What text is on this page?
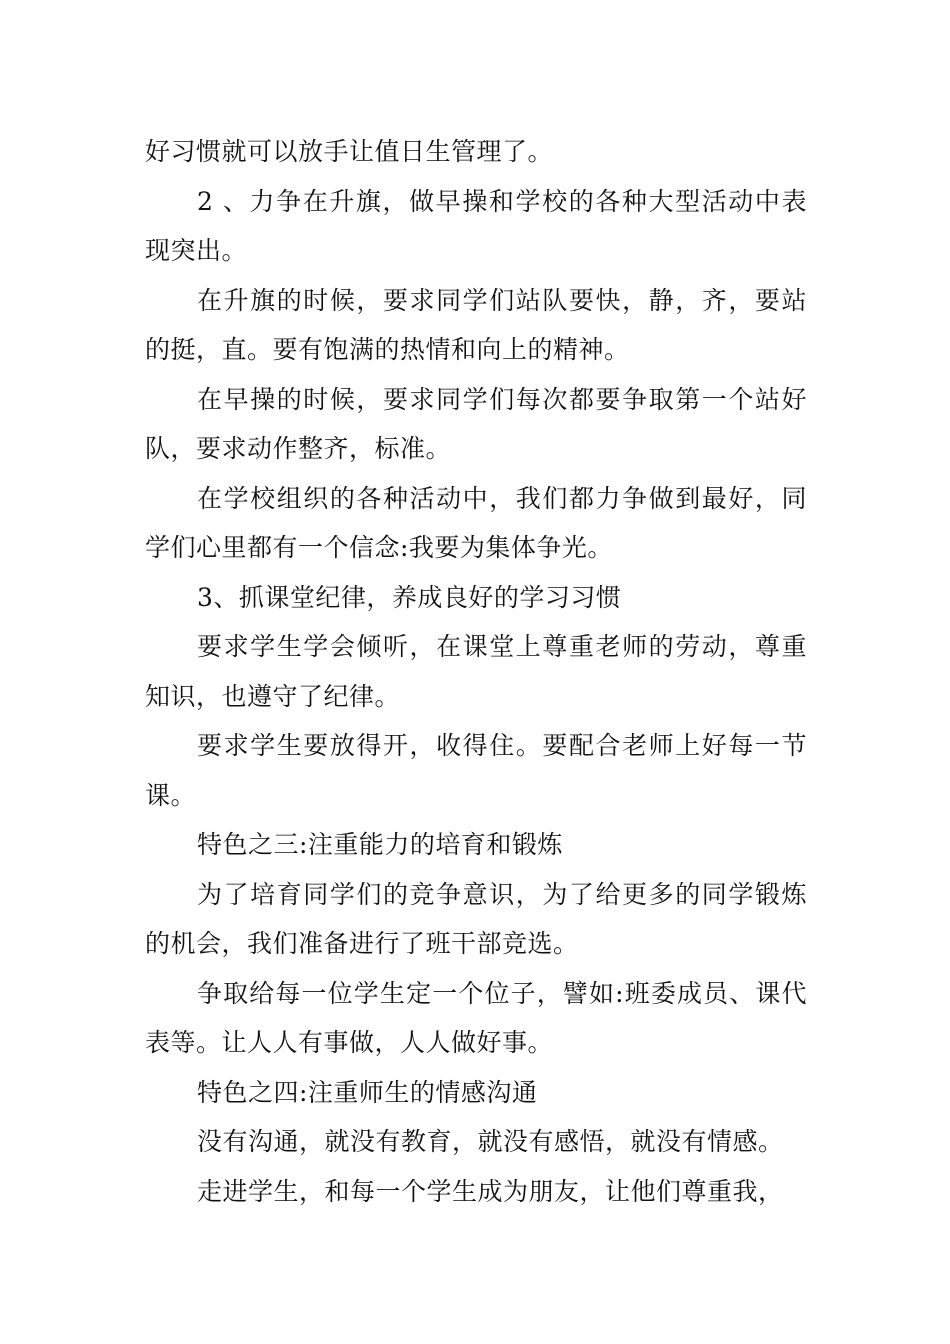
好习惯就可以放手让值日生管理了。

2 、力争在升旗，做早操和学校的各种大型活动中表现突出。

在升旗的时候，要求同学们站队要快，静，齐，要站的挺，直。要有饱满的热情和向上的精神。

在早操的时候，要求同学们每次都要争取第一个站好队，要求动作整齐，标准。

在学校组织的各种活动中，我们都力争做到最好，同学们心里都有一个信念:我要为集体争光。

3、抓课堂纪律，养成良好的学习习惯

要求学生学会倾听，在课堂上尊重老师的劳动，尊重知识，也遵守了纪律。

要求学生要放得开，收得住。要配合老师上好每一节课。

特色之三:注重能力的培育和锻炼

为了培育同学们的竞争意识，为了给更多的同学锻炼的机会，我们准备进行了班干部竞选。

争取给每一位学生定一个位子，譬如:班委成员、课代表等。让人人有事做，人人做好事。

特色之四:注重师生的情感沟通

没有沟通，就没有教育，就没有感悟，就没有情感。

走进学生，和每一个学生成为朋友，让他们尊重我，
